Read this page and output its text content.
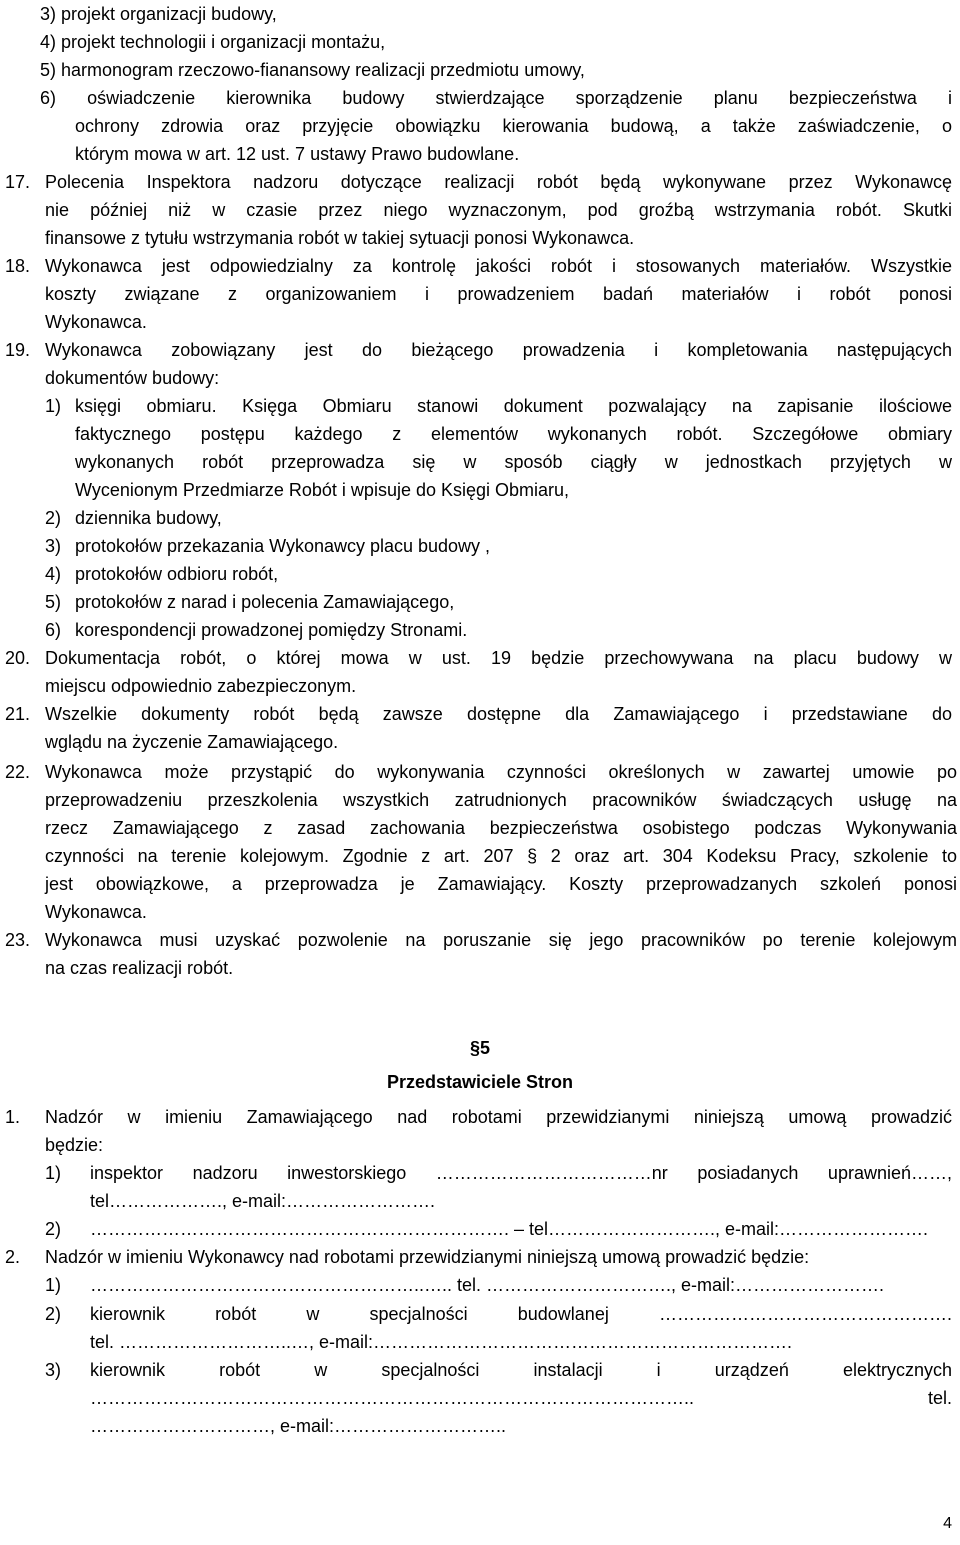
3) projekt organizacji budowy,
4) projekt technologii i organizacji montażu,
5) harmonogram rzeczowo-fianansowy realizacji przedmiotu umowy,
6) oświadczenie kierownika budowy stwierdzające sporządzenie planu bezpieczeństwa i
ochrony zdrowia oraz przyjęcie obowiązku kierowania budową, a także zaświadczenie, o
którym mowa w art. 12 ust. 7 ustawy Prawo budowlane.
17. Polecenia Inspektora nadzoru dotyczące realizacji robót będą wykonywane przez Wykonawcę
nie później niż w czasie przez niego wyznaczonym, pod groźbą wstrzymania robót. Skutki
finansowe z tytułu wstrzymania robót w takiej sytuacji ponosi Wykonawca.
18. Wykonawca jest odpowiedzialny za kontrolę jakości robót i stosowanych materiałów. Wszystkie
koszty związane z organizowaniem i prowadzeniem badań materiałów i robót ponosi
Wykonawca.
19. Wykonawca zobowiązany jest do bieżącego prowadzenia i kompletowania następujących
dokumentów budowy:
1) księgi obmiaru. Księga Obmiaru stanowi dokument pozwalający na zapisanie ilościowe
faktycznego postępu każdego z elementów wykonanych robót. Szczegółowe obmiary
wykonanych robót przeprowadza się w sposób ciągły w jednostkach przyjętych w
Wycenionym Przedmiarze Robót i wpisuje do Księgi Obmiaru,
2) dziennika budowy,
3) protokołów przekazania Wykonawcy placu budowy ,
4) protokołów odbioru robót,
5) protokołów z narad i polecenia Zamawiającego,
6) korespondencji prowadzonej pomiędzy Stronami.
20. Dokumentacja robót, o której mowa w ust. 19 będzie przechowywana na placu budowy w
miejscu odpowiednio zabezpieczonym.
21. Wszelkie dokumenty robót będą zawsze dostępne dla Zamawiającego i przedstawiane do
wglądu na życzenie Zamawiającego.
22. Wykonawca może przystąpić do wykonywania czynności określonych w zawartej umowie po
przeprowadzeniu przeszkolenia wszystkich zatrudnionych pracowników świadczących usługę na
rzecz Zamawiającego z zasad zachowania bezpieczeństwa osobistego podczas Wykonywania
czynności na terenie kolejowym. Zgodnie z art. 207 § 2 oraz art. 304 Kodeksu Pracy, szkolenie to
jest obowiązkowe, a przeprowadza je Zamawiający. Koszty przeprowadzanych szkoleń ponosi
Wykonawca.
23. Wykonawca musi uzyskać pozwolenie na poruszanie się jego pracowników po terenie kolejowym
na czas realizacji robót.
§5
Przedstawiciele Stron
1. Nadzór w imieniu Zamawiającego nad robotami przewidzianymi niniejszą umową prowadzić
będzie:
1) inspektor nadzoru inwestorskiego ………………………………nr posiadanych uprawnień……,
tel………………., e-mail:…………………….
2) ……………………………………………………………. – tel………………………., e-mail:…………………….
2. Nadzór w imieniu Wykonawcy nad robotami przewidzianymi niniejszą umową prowadzić będzie:
1) ………………………………………………..….. tel. …………………………., e-mail:…………………….
2) kierownik robót w specjalności budowlanej ………………………………………….
tel. ………………………..…, e-mail:…………………………………………………………….
3) kierownik robót w specjalności instalacji i urządzeń elektrycznych
……………………………………………………………………………………….. tel.
…………………………, e-mail:………………………..
4
